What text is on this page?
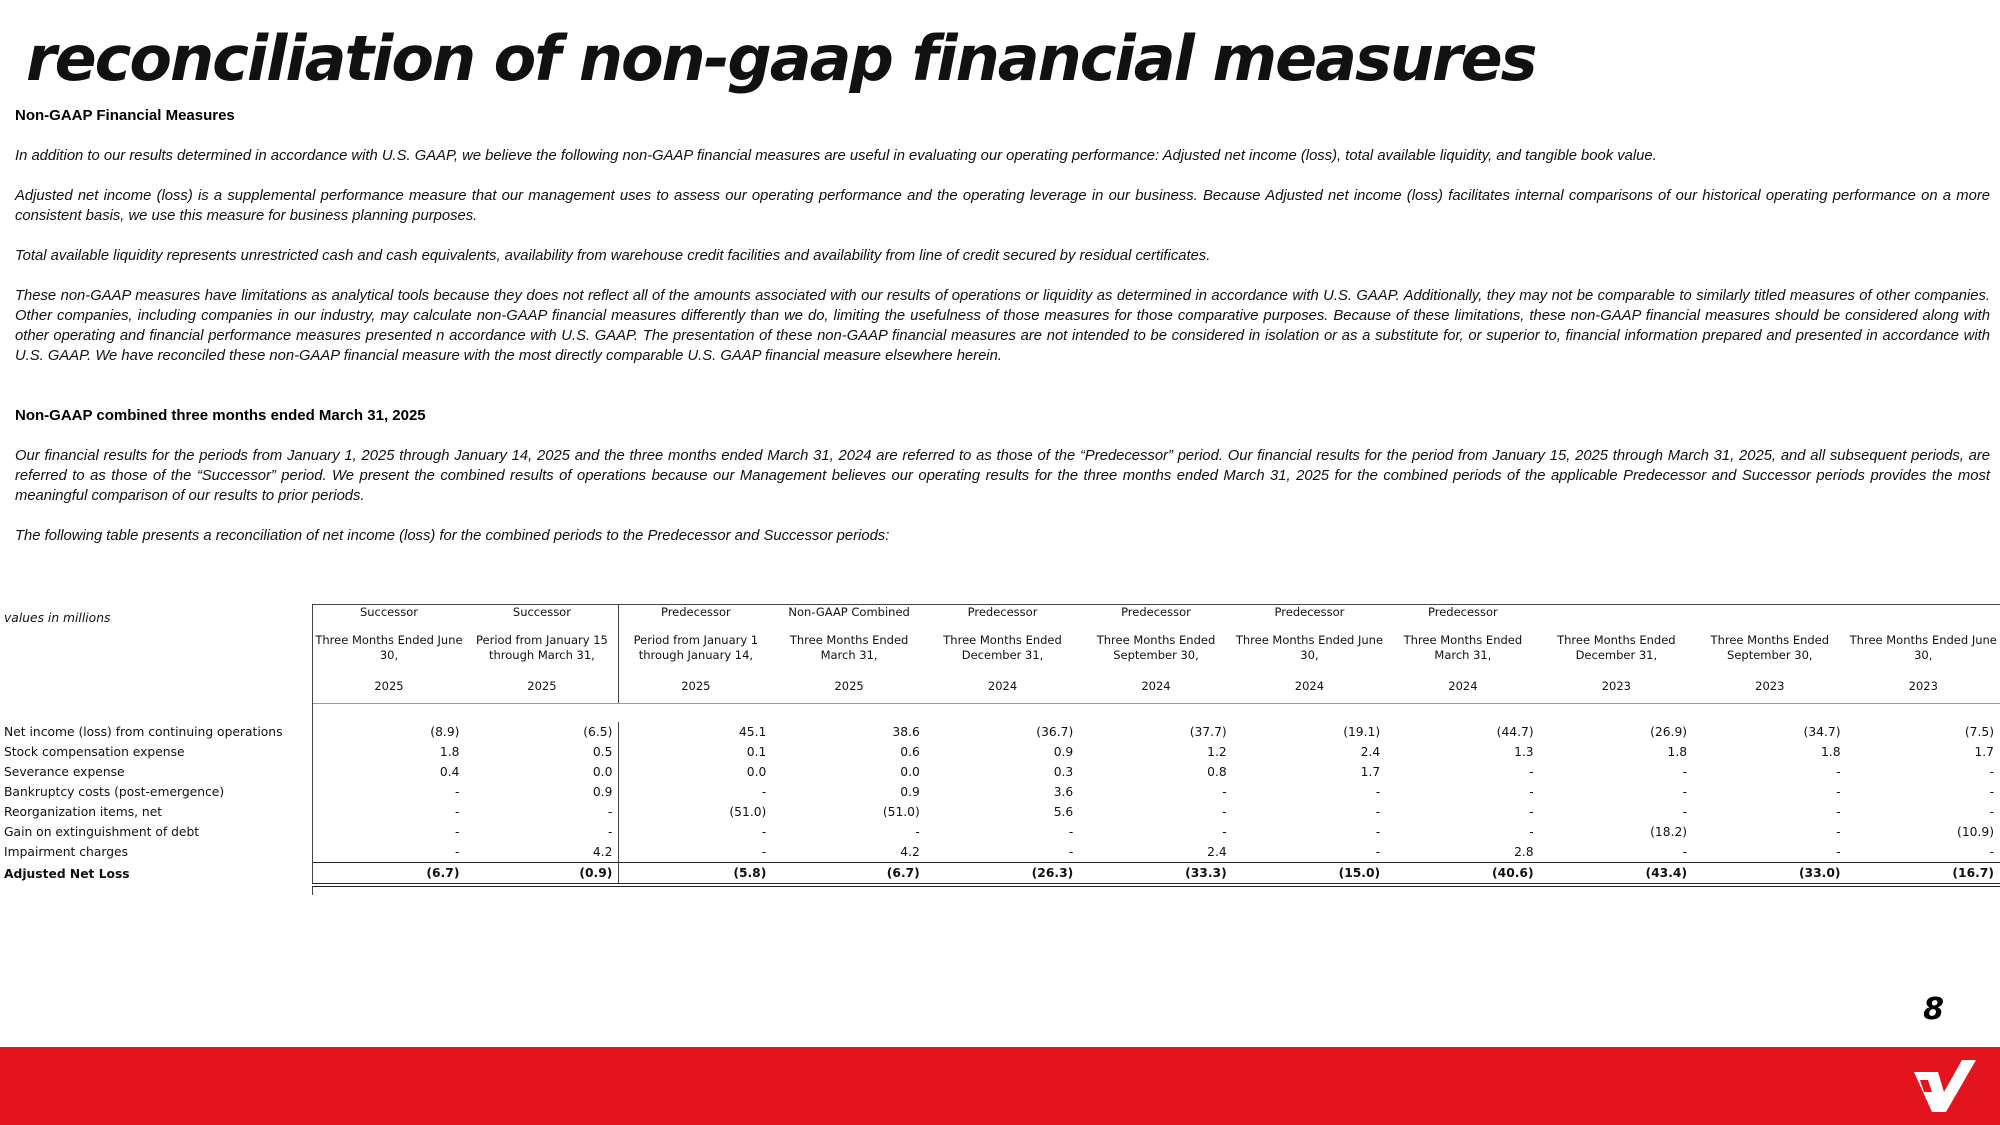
reconciliation of non-gaap financial measures

Non-GAAP Financial Measures

In addition to our results determined in accordance with U.S. GAAP, we believe the following non-GAAP financial measures are useful in evaluating our operating performance: Adjusted net income (loss), total available liquidity, and tangible book value.

Adjusted net income (loss) is a supplemental performance measure that our management uses to assess our operating performance and the operating leverage in our business. Because Adjusted net income (loss) facilitates internal comparisons of our historical operating performance on a more consistent basis, we use this measure for business planning purposes.

Total available liquidity represents unrestricted cash and cash equivalents, availability from warehouse credit facilities and availability from line of credit secured by residual certificates.

These non-GAAP measures have limitations as analytical tools because they does not reflect all of the amounts associated with our results of operations or liquidity as determined in accordance with U.S. GAAP. Additionally, they may not be comparable to similarly titled measures of other companies. Other companies, including companies in our industry, may calculate non-GAAP financial measures differently than we do, limiting the usefulness of those measures for those comparative purposes. Because of these limitations, these non-GAAP financial measures should be considered along with other operating and financial performance measures presented n accordance with U.S. GAAP. The presentation of these non-GAAP financial measures are not intended to be considered in isolation or as a substitute for, or superior to, financial information prepared and presented in accordance with U.S. GAAP. We have reconciled these non-GAAP financial measure with the most directly comparable U.S. GAAP financial measure elsewhere herein.

Non-GAAP combined three months ended March 31, 2025

Our financial results for the periods from January 1, 2025 through January 14, 2025 and the three months ended March 31, 2024 are referred to as those of the “Predecessor” period. Our financial results for the period from January 15, 2025 through March 31, 2025, and all subsequent periods, are referred to as those of the “Successor” period. We present the combined results of operations because our Management believes our operating results for the three months ended March 31, 2025 for the combined periods of the applicable Predecessor and Successor periods provides the most meaningful comparison of our results to prior periods.

The following table presents a reconciliation of net income (loss) for the combined periods to the Predecessor and Successor periods:

values in millions	Successor	Successor	Predecessor	Non-GAAP Combined	Predecessor	Predecessor	Predecessor	Predecessor			
	Three Months Ended June 30,	Period from January 15 through March 31,	Period from January 1 through January 14,	Three Months Ended March 31,	Three Months Ended December 31,	Three Months Ended September 30,	Three Months Ended June 30,	Three Months Ended March 31,	Three Months Ended December 31,	Three Months Ended September 30,	Three Months Ended June 30,
	2025	2025	2025	2025	2024	2024	2024	2024	2023	2023	2023

Net income (loss) from continuing operations	(8.9)	(6.5)	45.1	38.6	(36.7)	(37.7)	(19.1)	(44.7)	(26.9)	(34.7)	(7.5)
Stock compensation expense	1.8	0.5	0.1	0.6	0.9	1.2	2.4	1.3	1.8	1.8	1.7
Severance expense	0.4	0.0	0.0	0.0	0.3	0.8	1.7	-	-	-	-
Bankruptcy costs (post-emergence)	-	0.9	-	0.9	3.6	-	-	-	-	-	-
Reorganization items, net	-	-	(51.0)	(51.0)	5.6	-	-	-	-	-	-
Gain on extinguishment of debt	-	-	-	-	-	-	-	-	(18.2)	-	(10.9)
Impairment charges	-	4.2	-	4.2	-	2.4	-	2.8	-	-	-
Adjusted Net Loss	(6.7)	(0.9)	(5.8)	(6.7)	(26.3)	(33.3)	(15.0)	(40.6)	(43.4)	(33.0)	(16.7)

8
